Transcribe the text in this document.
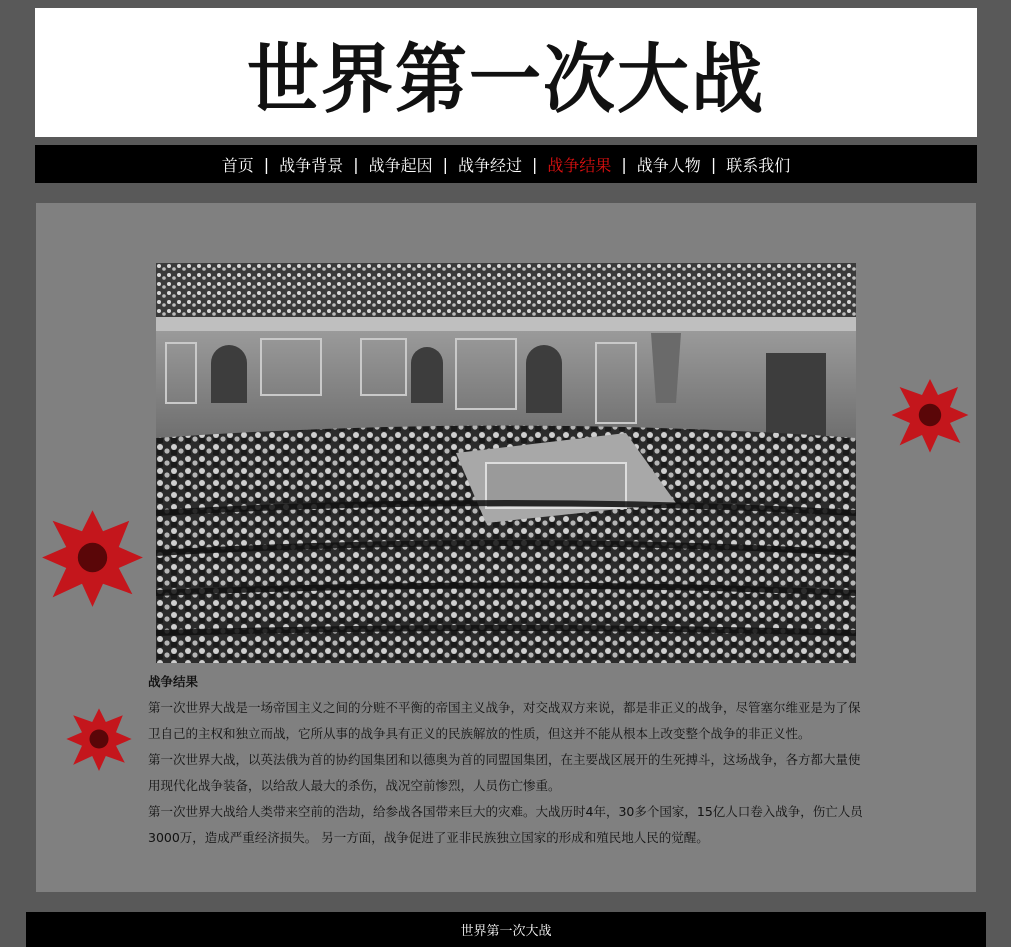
世界第一次大战
首页 | 战争背景 | 战争起因 | 战争经过 | 战争结果 | 战争人物 | 联系我们
战争结果

第一次世界大战是一场帝国主义之间的分赃不平衡的帝国主义战争，对交战双方来说，都是非正义的战争，尽管塞尔维亚是为了保卫自己的主权和独立而战，它所从事的战争具有正义的民族解放的性质，但这并不能从根本上改变整个战争的非正义性。

第一次世界大战，以英法俄为首的协约国集团和以德奥为首的同盟国集团，在主要战区展开的生死搏斗，这场战争，各方都大量使用现代化战争装备，以给敌人最大的杀伤，战况空前惨烈，人员伤亡惨重。

第一次世界大战给人类带来空前的浩劫，给参战各国带来巨大的灾难。大战历时4年，30多个国家，15亿人口卷入战争，伤亡人员3000万，造成严重经济损失。 另一方面，战争促进了亚非民族独立国家的形成和殖民地人民的觉醒。

世界第一次大战
